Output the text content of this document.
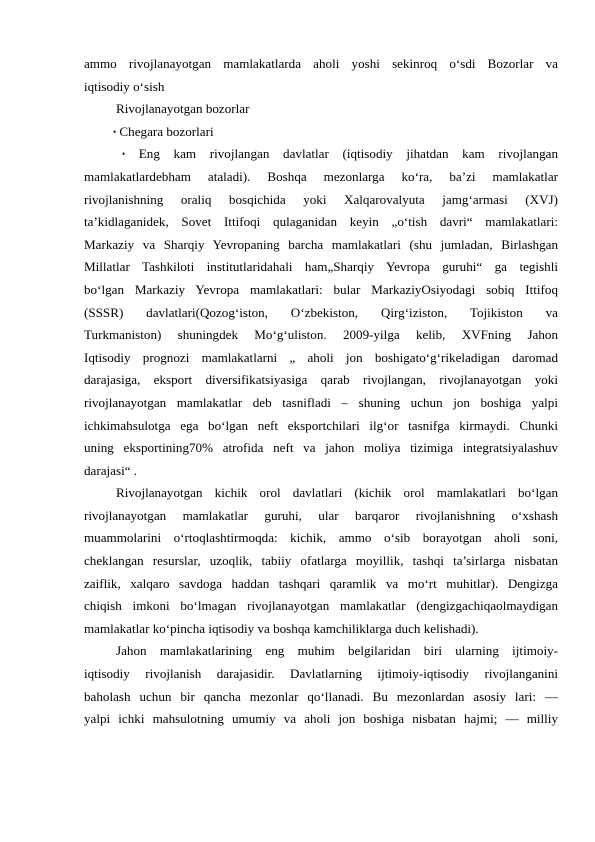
ammo rivojlanayotgan mamlakatlarda aholi yoshi sekinroq o‘sdi Bozorlar va
iqtisodiy o‘sish
Rivojlanayotgan bozorlar
• Chegara bozorlari
• Eng kam rivojlangan davlatlar (iqtisodiy jihatdan kam rivojlangan
mamlakatlardebham ataladi). Boshqa mezonlarga ko‘ra, ba’zi mamlakatlar
rivojlanishning oraliq bosqichida yoki Xalqarovalyuta jamg‘armasi (XVJ)
ta’kidlaganidek, Sovet Ittifoqi qulaganidan keyin „o‘tish davri“ mamlakatlari:
Markaziy va Sharqiy Yevropaning barcha mamlakatlari (shu jumladan, Birlashgan
Millatlar Tashkiloti institutlaridahali ham„Sharqiy Yevropa guruhi“ ga tegishli
bo‘lgan Markaziy Yevropa mamlakatlari: bular MarkaziyOsiyodagi sobiq Ittifoq
(SSSR) davlatlari(Qozog‘iston, O‘zbekiston, Qirg‘iziston, Tojikiston va
Turkmaniston) shuningdek Mo‘g‘uliston. 2009-yilga kelib, XVFning Jahon
Iqtisodiy prognozi mamlakatlarni „ aholi jon boshigato‘g‘rikeladigan daromad
darajasiga, eksport diversifikatsiyasiga qarab rivojlangan, rivojlanayotgan yoki
rivojlanayotgan mamlakatlar deb tasnifladi – shuning uchun jon boshiga yalpi
ichkimahsulotga ega bo‘lgan neft eksportchilari ilg‘or tasnifga kirmaydi. Chunki
uning eksportining70% atrofida neft va jahon moliya tizimiga integratsiyalashuv
darajasi“ .
Rivojlanayotgan kichik orol davlatlari (kichik orol mamlakatlari bo‘lgan
rivojlanayotgan mamlakatlar guruhi, ular barqaror rivojlanishning o‘xshash
muammolarini o‘rtoqlashtirmoqda: kichik, ammo o‘sib borayotgan aholi soni,
cheklangan resurslar, uzoqlik, tabiiy ofatlarga moyillik, tashqi ta’sirlarga nisbatan
zaiflik, xalqaro savdoga haddan tashqari qaramlik va mo‘rt muhitlar). Dengizga
chiqish imkoni bo‘lmagan rivojlanayotgan mamlakatlar (dengizgachiqaolmaydigan
mamlakatlar ko‘pincha iqtisodiy va boshqa kamchiliklarga duch kelishadi).
Jahon mamlakatlarining eng muhim belgilaridan biri ularning ijtimoiy-
iqtisodiy rivojlanish darajasidir. Davlatlarning ijtimoiy-iqtisodiy rivojlanganini
baholash uchun bir qancha mezonlar qo‘llanadi. Bu mezonlardan asosiy lari: —
yalpi ichki mahsulotning umumiy va aholi jon boshiga nisbatan hajmi; — milliy
